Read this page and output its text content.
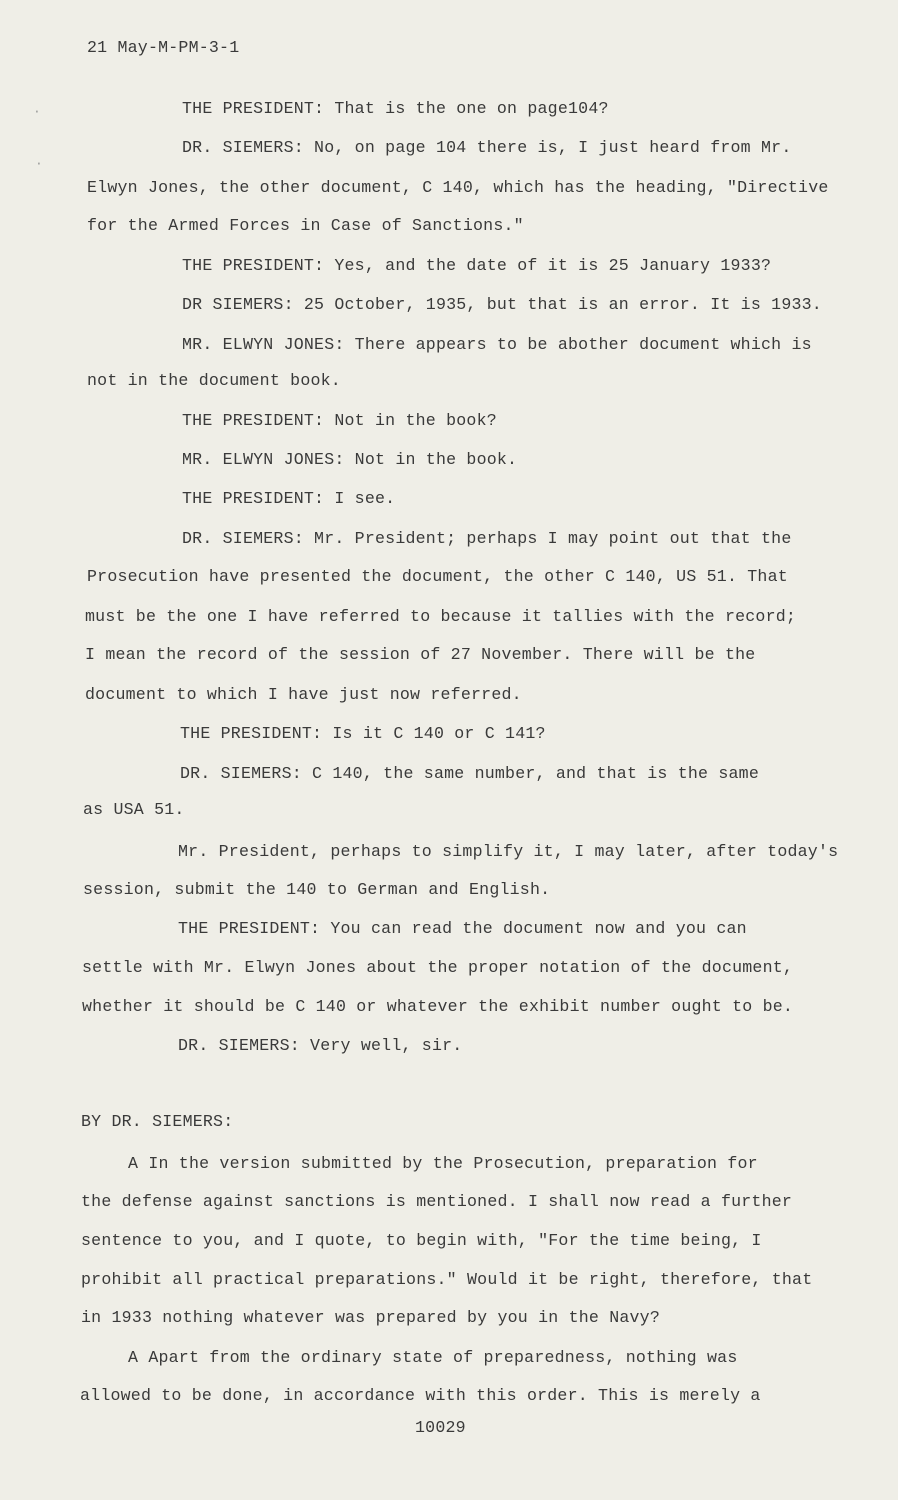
·
·
21 May-M-PM-3-1
THE PRESIDENT: That is the one on page104?
DR. SIEMERS: No, on page 104 there is, I just heard from Mr.
Elwyn Jones, the other document, C 140, which has the heading, "Directive
for the Armed Forces in Case of Sanctions."
THE PRESIDENT: Yes, and the date of it is 25 January 1933?
DR SIEMERS: 25 October, 1935, but that is an error. It is 1933.
MR. ELWYN JONES: There appears to be abother document which is
not in the document book.
THE PRESIDENT: Not in the book?
MR. ELWYN JONES: Not in the book.
THE PRESIDENT: I see.
DR. SIEMERS: Mr. President; perhaps I may point out that the
Prosecution have presented the document, the other C 140, US 51. That
must be the one I have referred to because it tallies with the record;
I mean the record of the session of 27 November. There will be the
document to which I have just now referred.
THE PRESIDENT: Is it C 140 or C 141?
DR. SIEMERS: C 140, the same number, and that is the same
as USA 51.
Mr. President, perhaps to simplify it, I may later, after today's
session, submit the 140 to German and English.
THE PRESIDENT: You can read the document now and you can
settle with Mr. Elwyn Jones about the proper notation of the document,
whether it should be C 140 or whatever the exhibit number ought to be.
DR. SIEMERS: Very well, sir.
BY DR. SIEMERS:
A In the version submitted by the Prosecution, preparation for
the defense against sanctions is mentioned. I shall now read a further
sentence to you, and I quote, to begin with, "For the time being, I
prohibit all practical preparations." Would it be right, therefore, that
in 1933 nothing whatever was prepared by you in the Navy?
A Apart from the ordinary state of preparedness, nothing was
allowed to be done, in accordance with this order. This is merely a
10029
